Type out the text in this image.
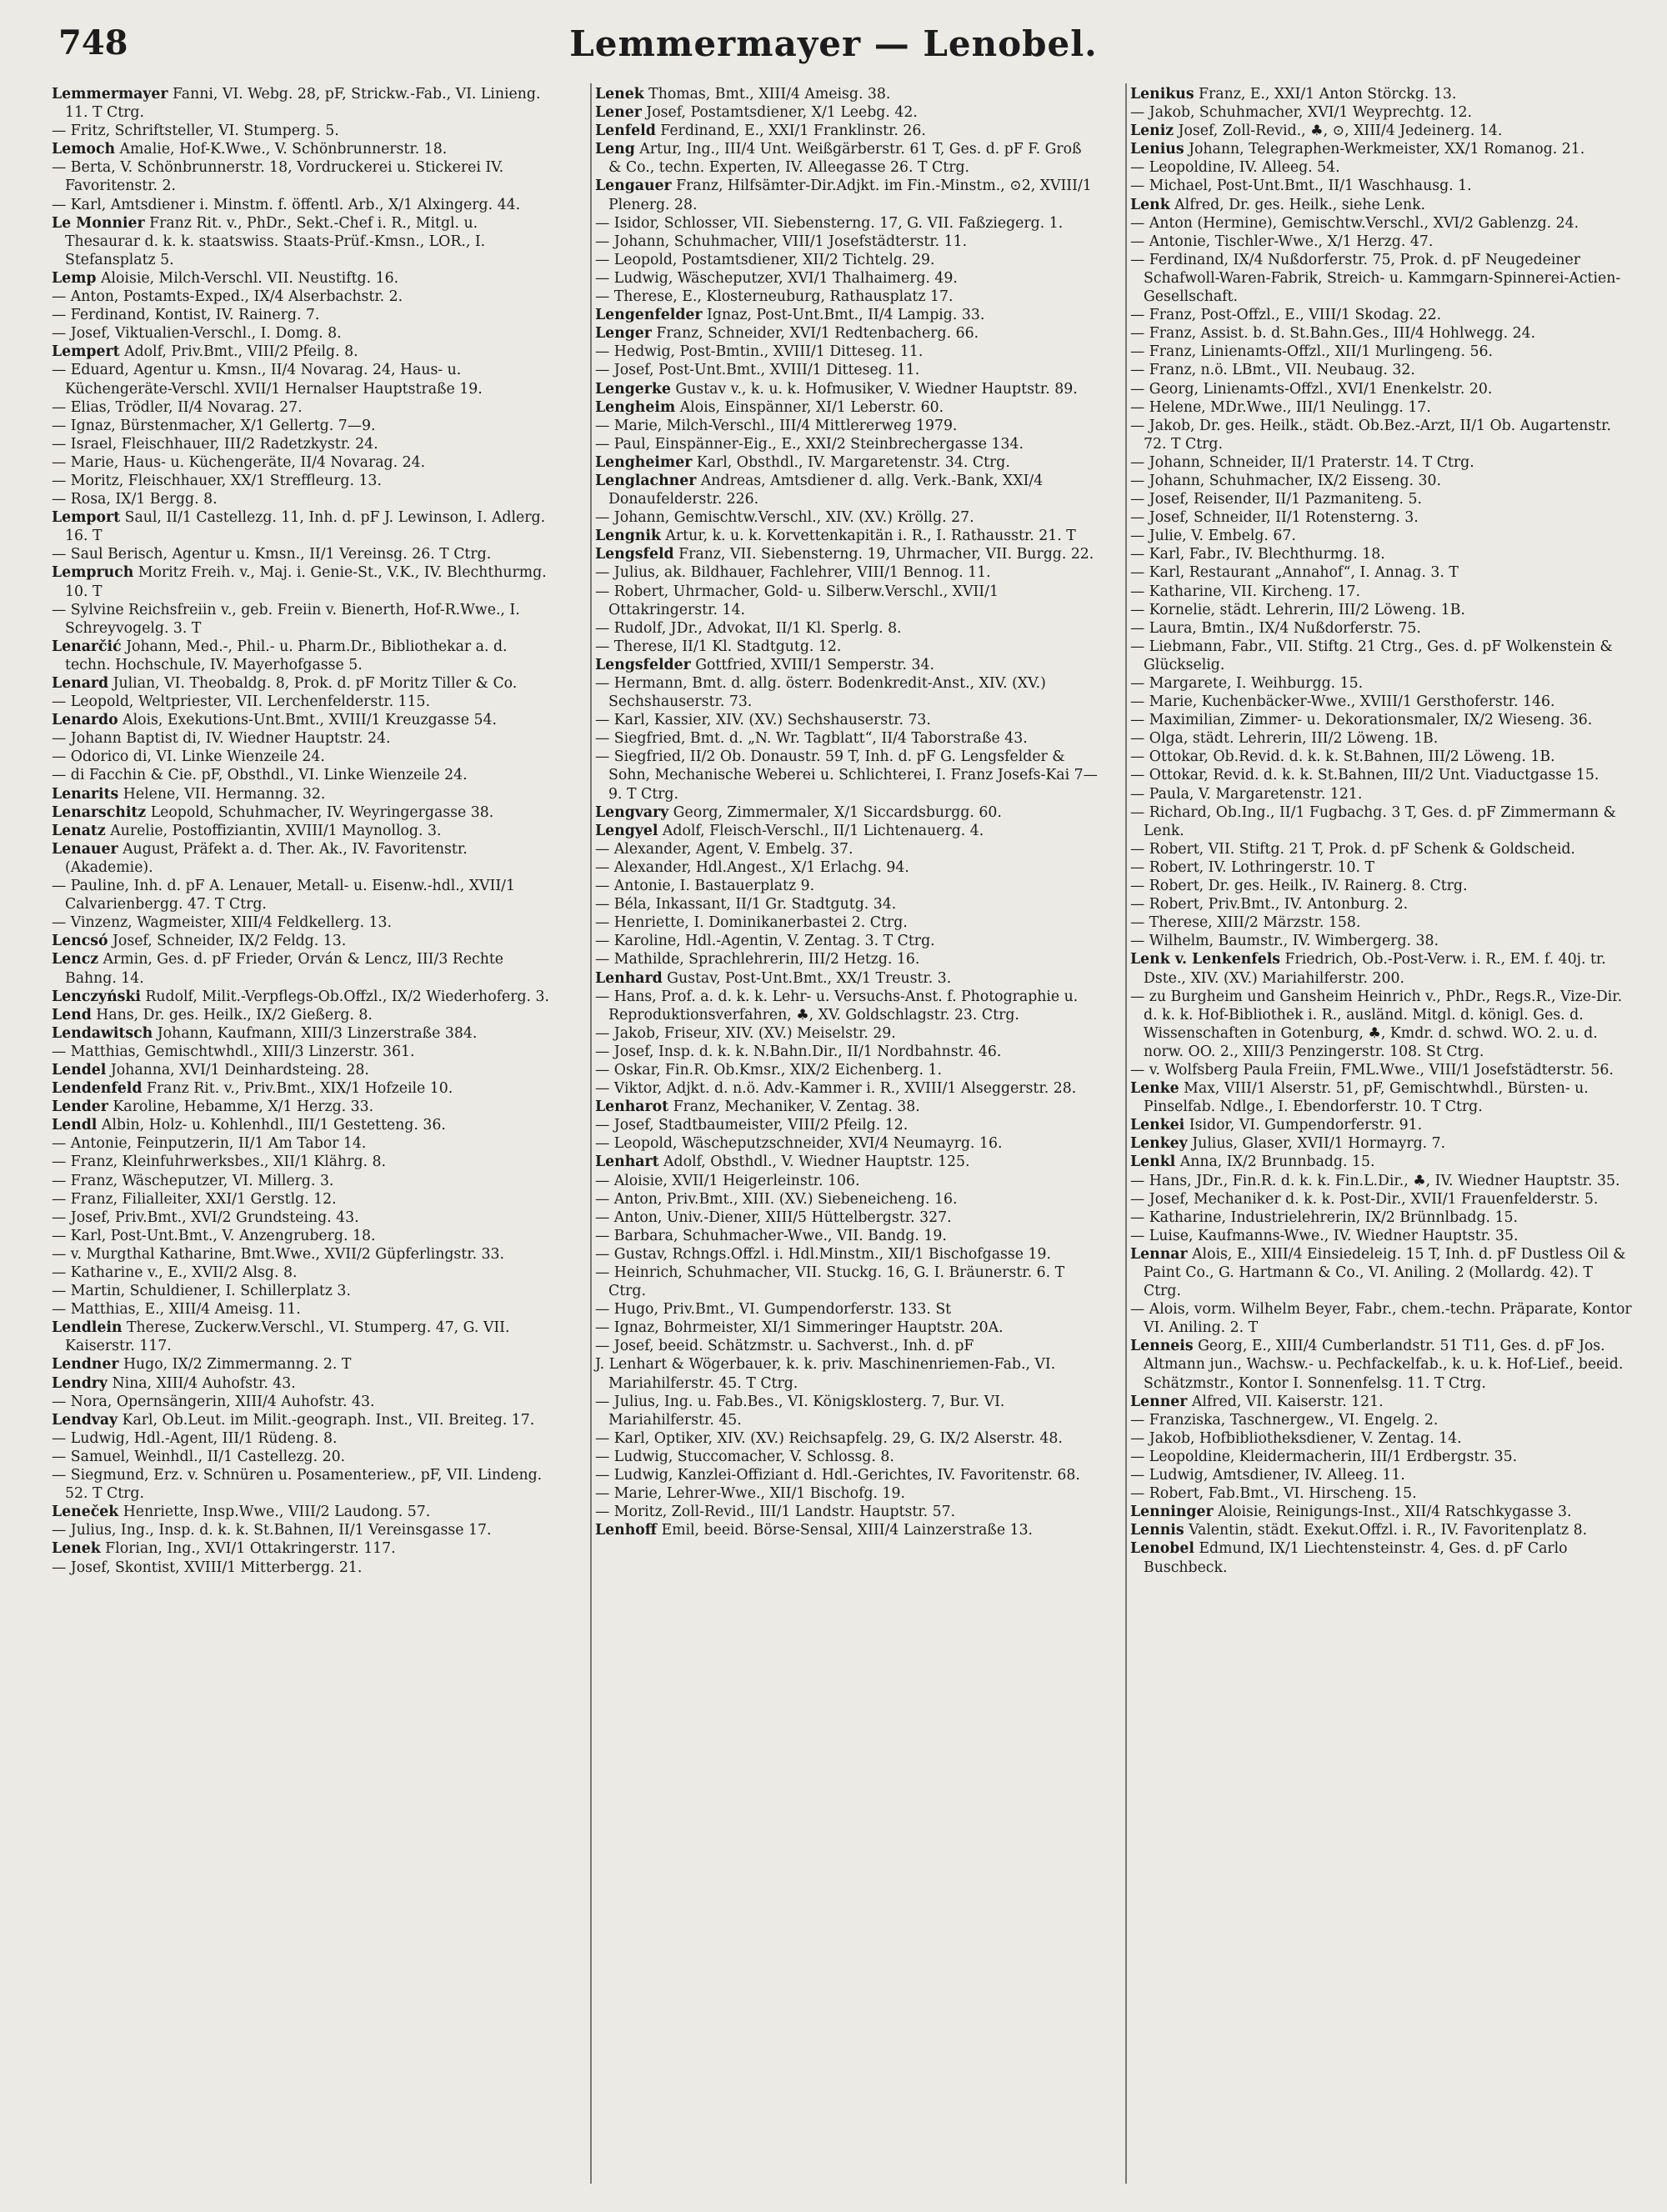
748	Lemmermayer — Lenobel.

Lemmermayer Fanni, VI. Webg. 28, pF, Strickw.-Fab., VI. Linieng. 11. T Ctrg.

— Fritz, Schriftsteller, VI. Stumperg. 5.

Lemoch Amalie, Hof-K.Wwe., V. Schönbrunnerstr. 18.

— Berta, V. Schönbrunnerstr. 18, Vordruckerei u. Stickerei IV. Favoritenstr. 2.

— Karl, Amtsdiener i. Minstm. f. öffentl. Arb., X/1 Alxingerg. 44.

Le Monnier Franz Rit. v., PhDr., Sekt.-Chef i. R., Mitgl. u. Thesaurar d. k. k. staatswiss. Staats-Prüf.-Kmsn., LOR., I. Stefansplatz 5.

Lemp Aloisie, Milch-Verschl. VII. Neustiftg. 16.

— Anton, Postamts-Exped., IX/4 Alserbachstr. 2.

— Ferdinand, Kontist, IV. Rainerg. 7.

— Josef, Viktualien-Verschl., I. Domg. 8.

Lempert Adolf, Priv.Bmt., VIII/2 Pfeilg. 8.

— Eduard, Agentur u. Kmsn., II/4 Novarag. 24, Haus- u. Küchengeräte-Verschl. XVII/1 Hernalser Hauptstraße 19.

— Elias, Trödler, II/4 Novarag. 27.

— Ignaz, Bürstenmacher, X/1 Gellertg. 7—9.

— Israel, Fleischhauer, III/2 Radetzkystr. 24.

— Marie, Haus- u. Küchengeräte, II/4 Novarag. 24.

— Moritz, Fleischhauer, XX/1 Streffleurg. 13.

— Rosa, IX/1 Bergg. 8.

Lemport Saul, II/1 Castellezg. 11, Inh. d. pF J. Lewinson, I. Adlerg. 16. T

— Saul Berisch, Agentur u. Kmsn., II/1 Vereinsg. 26. T Ctrg.

Lempruch Moritz Freih. v., Maj. i. Genie-St., V.K., IV. Blechthurmg. 10. T

— Sylvine Reichsfreiin v., geb. Freiin v. Bienerth, Hof-R.Wwe., I. Schreyvogelg. 3. T

Lenarčić Johann, Med.-, Phil.- u. Pharm.Dr., Bibliothekar a. d. techn. Hochschule, IV. Mayerhofgasse 5.

Lenard Julian, VI. Theobaldg. 8, Prok. d. pF Moritz Tiller & Co.

— Leopold, Weltpriester, VII. Lerchenfelderstr. 115.

Lenardo Alois, Exekutions-Unt.Bmt., XVIII/1 Kreuzgasse 54.

— Johann Baptist di, IV. Wiedner Hauptstr. 24.

— Odorico di, VI. Linke Wienzeile 24.

— di Facchin & Cie. pF, Obsthdl., VI. Linke Wienzeile 24.

Lenarits Helene, VII. Hermanng. 32.

Lenarschitz Leopold, Schuhmacher, IV. Weyringergasse 38.

Lenatz Aurelie, Postoffiziantin, XVIII/1 Maynollog. 3.

Lenauer August, Präfekt a. d. Ther. Ak., IV. Favoritenstr. (Akademie).

— Pauline, Inh. d. pF A. Lenauer, Metall- u. Eisenw.-hdl., XVII/1 Calvarienbergg. 47. T Ctrg.

— Vinzenz, Wagmeister, XIII/4 Feldkellerg. 13.

Lencsó Josef, Schneider, IX/2 Feldg. 13.

Lencz Armin, Ges. d. pF Frieder, Orván & Lencz, III/3 Rechte Bahng. 14.

Lenczyński Rudolf, Milit.-Verpflegs-Ob.Offzl., IX/2 Wiederhoferg. 3.

Lend Hans, Dr. ges. Heilk., IX/2 Gießerg. 8.

Lendawitsch Johann, Kaufmann, XIII/3 Linzerstraße 384.

— Matthias, Gemischtwhdl., XIII/3 Linzerstr. 361.

Lendel Johanna, XVI/1 Deinhardsteing. 28.

Lendenfeld Franz Rit. v., Priv.Bmt., XIX/1 Hofzeile 10.

Lender Karoline, Hebamme, X/1 Herzg. 33.

Lendl Albin, Holz- u. Kohlenhdl., III/1 Gestetteng. 36.

— Antonie, Feinputzerin, II/1 Am Tabor 14.

— Franz, Kleinfuhrwerksbes., XII/1 Klährg. 8.

— Franz, Wäscheputzer, VI. Millerg. 3.

— Franz, Filialleiter, XXI/1 Gerstlg. 12.

— Josef, Priv.Bmt., XVI/2 Grundsteing. 43.

— Karl, Post-Unt.Bmt., V. Anzengruberg. 18.

— v. Murgthal Katharine, Bmt.Wwe., XVII/2 Güpferlingstr. 33.

— Katharine v., E., XVII/2 Alsg. 8.

— Martin, Schuldiener, I. Schillerplatz 3.

— Matthias, E., XIII/4 Ameisg. 11.

Lendlein Therese, Zuckerw.Verschl., VI. Stumperg. 47, G. VII. Kaiserstr. 117.

Lendner Hugo, IX/2 Zimmermanng. 2. T

Lendry Nina, XIII/4 Auhofstr. 43.

— Nora, Opernsängerin, XIII/4 Auhofstr. 43.

Lendvay Karl, Ob.Leut. im Milit.-geograph. Inst., VII. Breiteg. 17.

— Ludwig, Hdl.-Agent, III/1 Rüdeng. 8.

— Samuel, Weinhdl., II/1 Castellezg. 20.

— Siegmund, Erz. v. Schnüren u. Posamenteriew., pF, VII. Lindeng. 52. T Ctrg.

Leneček Henriette, Insp.Wwe., VIII/2 Laudong. 57.

— Julius, Ing., Insp. d. k. k. St.Bahnen, II/1 Vereinsgasse 17.

Lenek Florian, Ing., XVI/1 Ottakringerstr. 117.

— Josef, Skontist, XVIII/1 Mitterbergg. 21.

Lenek Thomas, Bmt., XIII/4 Ameisg. 38.

Lener Josef, Postamtsdiener, X/1 Leebg. 42.

Lenfeld Ferdinand, E., XXI/1 Franklinstr. 26.

Leng Artur, Ing., III/4 Unt. Weißgärberstr. 61 T, Ges. d. pF F. Groß & Co., techn. Experten, IV. Alleegasse 26. T Ctrg.

Lengauer Franz, Hilfsämter-Dir.Adjkt. im Fin.-Minstm., ⊙2, XVIII/1 Plenerg. 28.

— Isidor, Schlosser, VII. Siebensterng. 17, G. VII. Faßziegerg. 1.

— Johann, Schuhmacher, VIII/1 Josefstädterstr. 11.

— Leopold, Postamtsdiener, XII/2 Tichtelg. 29.

— Ludwig, Wäscheputzer, XVI/1 Thalhaimerg. 49.

— Therese, E., Klosterneuburg, Rathausplatz 17.

Lengenfelder Ignaz, Post-Unt.Bmt., II/4 Lampig. 33.

Lenger Franz, Schneider, XVI/1 Redtenbacherg. 66.

— Hedwig, Post-Bmtin., XVIII/1 Ditteseg. 11.

— Josef, Post-Unt.Bmt., XVIII/1 Ditteseg. 11.

Lengerke Gustav v., k. u. k. Hofmusiker, V. Wiedner Hauptstr. 89.

Lengheim Alois, Einspänner, XI/1 Leberstr. 60.

— Marie, Milch-Verschl., III/4 Mittlererweg 1979.

— Paul, Einspänner-Eig., E., XXI/2 Steinbrechergasse 134.

Lengheimer Karl, Obsthdl., IV. Margaretenstr. 34. Ctrg.

Lenglachner Andreas, Amtsdiener d. allg. Verk.-Bank, XXI/4 Donaufelderstr. 226.

— Johann, Gemischtw.Verschl., XIV. (XV.) Kröllg. 27.

Lengnik Artur, k. u. k. Korvettenkapitän i. R., I. Rathausstr. 21. T

Lengsfeld Franz, VII. Siebensterng. 19, Uhrmacher, VII. Burgg. 22.

— Julius, ak. Bildhauer, Fachlehrer, VIII/1 Bennog. 11.

— Robert, Uhrmacher, Gold- u. Silberw.Verschl., XVII/1 Ottakringerstr. 14.

— Rudolf, JDr., Advokat, II/1 Kl. Sperlg. 8.

— Therese, II/1 Kl. Stadtgutg. 12.

Lengsfelder Gottfried, XVIII/1 Semperstr. 34.

— Hermann, Bmt. d. allg. österr. Bodenkredit-Anst., XIV. (XV.) Sechshauserstr. 73.

— Karl, Kassier, XIV. (XV.) Sechshauserstr. 73.

— Siegfried, Bmt. d. „N. Wr. Tagblatt“, II/4 Taborstraße 43.

— Siegfried, II/2 Ob. Donaustr. 59 T, Inh. d. pF G. Lengsfelder & Sohn, Mechanische Weberei u. Schlichterei, I. Franz Josefs-Kai 7—9. T Ctrg.

Lengvary Georg, Zimmermaler, X/1 Siccardsburgg. 60.

Lengyel Adolf, Fleisch-Verschl., II/1 Lichtenauerg. 4.

— Alexander, Agent, V. Embelg. 37.

— Alexander, Hdl.Angest., X/1 Erlachg. 94.

— Antonie, I. Bastauerplatz 9.

— Béla, Inkassant, II/1 Gr. Stadtgutg. 34.

— Henriette, I. Dominikanerbastei 2. Ctrg.

— Karoline, Hdl.-Agentin, V. Zentag. 3. T Ctrg.

— Mathilde, Sprachlehrerin, III/2 Hetzg. 16.

Lenhard Gustav, Post-Unt.Bmt., XX/1 Treustr. 3.

— Hans, Prof. a. d. k. k. Lehr- u. Versuchs-Anst. f. Photographie u. Reproduktionsverfahren, ♣, XV. Goldschlagstr. 23. Ctrg.

— Jakob, Friseur, XIV. (XV.) Meiselstr. 29.

— Josef, Insp. d. k. k. N.Bahn.Dir., II/1 Nordbahnstr. 46.

— Oskar, Fin.R. Ob.Kmsr., XIX/2 Eichenberg. 1.

— Viktor, Adjkt. d. n.ö. Adv.-Kammer i. R., XVIII/1 Alseggerstr. 28.

Lenharot Franz, Mechaniker, V. Zentag. 38.

— Josef, Stadtbaumeister, VIII/2 Pfeilg. 12.

— Leopold, Wäscheputzschneider, XVI/4 Neumayrg. 16.

Lenhart Adolf, Obsthdl., V. Wiedner Hauptstr. 125.

— Aloisie, XVII/1 Heigerleinstr. 106.

— Anton, Priv.Bmt., XIII. (XV.) Siebeneicheng. 16.

— Anton, Univ.-Diener, XIII/5 Hüttelbergstr. 327.

— Barbara, Schuhmacher-Wwe., VII. Bandg. 19.

— Gustav, Rchngs.Offzl. i. Hdl.Minstm., XII/1 Bischofgasse 19.

— Heinrich, Schuhmacher, VII. Stuckg. 16, G. I. Bräunerstr. 6. T Ctrg.

— Hugo, Priv.Bmt., VI. Gumpendorferstr. 133. St

— Ignaz, Bohrmeister, XI/1 Simmeringer Hauptstr. 20A.

— Josef, beeid. Schätzmstr. u. Sachverst., Inh. d. pF

J. Lenhart & Wögerbauer, k. k. priv. Maschinenriemen-Fab., VI. Mariahilferstr. 45. T Ctrg.

— Julius, Ing. u. Fab.Bes., VI. Königsklosterg. 7, Bur. VI. Mariahilferstr. 45.

— Karl, Optiker, XIV. (XV.) Reichsapfelg. 29, G. IX/2 Alserstr. 48.

— Ludwig, Stuccomacher, V. Schlossg. 8.

— Ludwig, Kanzlei-Offiziant d. Hdl.-Gerichtes, IV. Favoritenstr. 68.

— Marie, Lehrer-Wwe., XII/1 Bischofg. 19.

— Moritz, Zoll-Revid., III/1 Landstr. Hauptstr. 57.

Lenhoff Emil, beeid. Börse-Sensal, XIII/4 Lainzerstraße 13.

Lenikus Franz, E., XXI/1 Anton Störckg. 13.

— Jakob, Schuhmacher, XVI/1 Weyprechtg. 12.

Leniz Josef, Zoll-Revid., ♣, ⊙, XIII/4 Jedeinerg. 14.

Lenius Johann, Telegraphen-Werkmeister, XX/1 Romanog. 21.

— Leopoldine, IV. Alleeg. 54.

— Michael, Post-Unt.Bmt., II/1 Waschhausg. 1.

Lenk Alfred, Dr. ges. Heilk., siehe Lenk.

— Anton (Hermine), Gemischtw.Verschl., XVI/2 Gablenzg. 24.

— Antonie, Tischler-Wwe., X/1 Herzg. 47.

— Ferdinand, IX/4 Nußdorferstr. 75, Prok. d. pF Neugedeiner Schafwoll-Waren-Fabrik, Streich- u. Kammgarn-Spinnerei-Actien-Gesellschaft.

— Franz, Post-Offzl., E., VIII/1 Skodag. 22.

— Franz, Assist. b. d. St.Bahn.Ges., III/4 Hohlwegg. 24.

— Franz, Linienamts-Offzl., XII/1 Murlingeng. 56.

— Franz, n.ö. LBmt., VII. Neubaug. 32.

— Georg, Linienamts-Offzl., XVI/1 Enenkelstr. 20.

— Helene, MDr.Wwe., III/1 Neulingg. 17.

— Jakob, Dr. ges. Heilk., städt. Ob.Bez.-Arzt, II/1 Ob. Augartenstr. 72. T Ctrg.

— Johann, Schneider, II/1 Praterstr. 14. T Ctrg.

— Johann, Schuhmacher, IX/2 Eisseng. 30.

— Josef, Reisender, II/1 Pazmaniteng. 5.

— Josef, Schneider, II/1 Rotensterng. 3.

— Julie, V. Embelg. 67.

— Karl, Fabr., IV. Blechthurmg. 18.

— Karl, Restaurant „Annahof“, I. Annag. 3. T

— Katharine, VII. Kircheng. 17.

— Kornelie, städt. Lehrerin, III/2 Löweng. 1B.

— Laura, Bmtin., IX/4 Nußdorferstr. 75.

— Liebmann, Fabr., VII. Stiftg. 21 Ctrg., Ges. d. pF Wolkenstein & Glückselig.

— Margarete, I. Weihburgg. 15.

— Marie, Kuchenbäcker-Wwe., XVIII/1 Gersthoferstr. 146.

— Maximilian, Zimmer- u. Dekorationsmaler, IX/2 Wieseng. 36.

— Olga, städt. Lehrerin, III/2 Löweng. 1B.

— Ottokar, Ob.Revid. d. k. k. St.Bahnen, III/2 Löweng. 1B.

— Ottokar, Revid. d. k. k. St.Bahnen, III/2 Unt. Viaductgasse 15.

— Paula, V. Margaretenstr. 121.

— Richard, Ob.Ing., II/1 Fugbachg. 3 T, Ges. d. pF Zimmermann & Lenk.

— Robert, VII. Stiftg. 21 T, Prok. d. pF Schenk & Goldscheid.

— Robert, IV. Lothringerstr. 10. T

— Robert, Dr. ges. Heilk., IV. Rainerg. 8. Ctrg.

— Robert, Priv.Bmt., IV. Antonburg. 2.

— Therese, XIII/2 Märzstr. 158.

— Wilhelm, Baumstr., IV. Wimbergerg. 38.

Lenk v. Lenkenfels Friedrich, Ob.-Post-Verw. i. R., EM. f. 40j. tr. Dste., XIV. (XV.) Mariahilferstr. 200.

— zu Burgheim und Gansheim Heinrich v., PhDr., Regs.R., Vize-Dir. d. k. k. Hof-Bibliothek i. R., ausländ. Mitgl. d. königl. Ges. d. Wissenschaften in Gotenburg, ♣, Kmdr. d. schwd. WO. 2. u. d. norw. OO. 2., XIII/3 Penzingerstr. 108. St Ctrg.

— v. Wolfsberg Paula Freiin, FML.Wwe., VIII/1 Josefstädterstr. 56.

Lenke Max, VIII/1 Alserstr. 51, pF, Gemischtwhdl., Bürsten- u. Pinselfab. Ndlge., I. Ebendorferstr. 10. T Ctrg.

Lenkei Isidor, VI. Gumpendorferstr. 91.

Lenkey Julius, Glaser, XVII/1 Hormayrg. 7.

Lenkl Anna, IX/2 Brunnbadg. 15.

— Hans, JDr., Fin.R. d. k. k. Fin.L.Dir., ♣, IV. Wiedner Hauptstr. 35.

— Josef, Mechaniker d. k. k. Post-Dir., XVII/1 Frauenfelderstr. 5.

— Katharine, Industrielehrerin, IX/2 Brünnlbadg. 15.

— Luise, Kaufmanns-Wwe., IV. Wiedner Hauptstr. 35.

Lennar Alois, E., XIII/4 Einsiedeleig. 15 T, Inh. d. pF Dustless Oil & Paint Co., G. Hartmann & Co., VI. Aniling. 2 (Mollardg. 42). T Ctrg.

— Alois, vorm. Wilhelm Beyer, Fabr., chem.-techn. Präparate, Kontor VI. Aniling. 2. T

Lenneis Georg, E., XIII/4 Cumberlandstr. 51 T11, Ges. d. pF Jos. Altmann jun., Wachsw.- u. Pechfackelfab., k. u. k. Hof-Lief., beeid. Schätzmstr., Kontor I. Sonnenfelsg. 11. T Ctrg.

Lenner Alfred, VII. Kaiserstr. 121.

— Franziska, Taschnergew., VI. Engelg. 2.

— Jakob, Hofbibliotheksdiener, V. Zentag. 14.

— Leopoldine, Kleidermacherin, III/1 Erdbergstr. 35.

— Ludwig, Amtsdiener, IV. Alleeg. 11.

— Robert, Fab.Bmt., VI. Hirscheng. 15.

Lenninger Aloisie, Reinigungs-Inst., XII/4 Ratschkygasse 3.

Lennis Valentin, städt. Exekut.Offzl. i. R., IV. Favoritenplatz 8.

Lenobel Edmund, IX/1 Liechtensteinstr. 4, Ges. d. pF Carlo Buschbeck.
